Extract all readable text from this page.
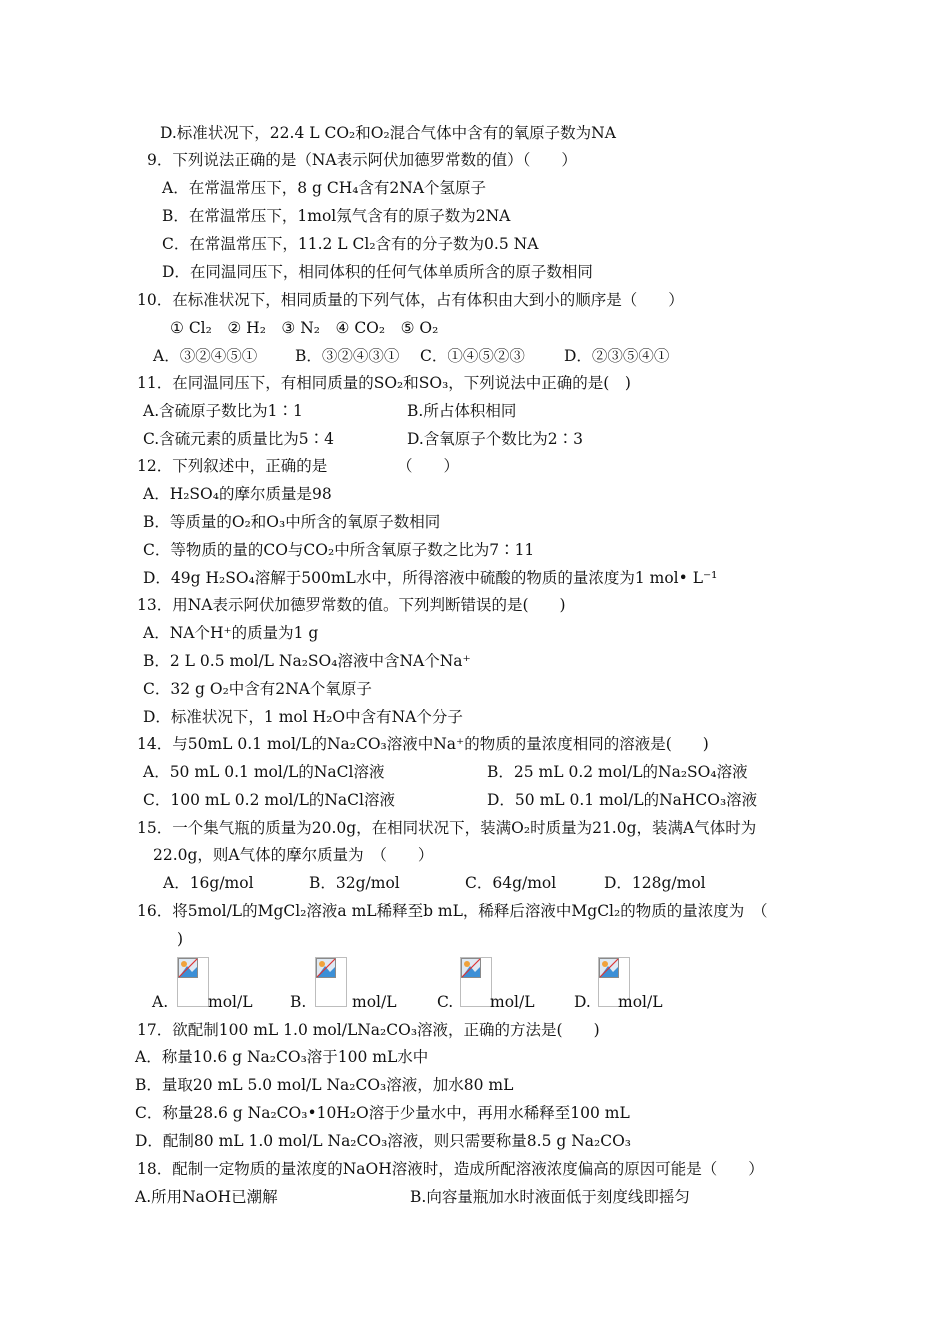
D.标准状况下，22.4 L CO₂和O₂混合气体中含有的氧原子数为NA
9．下列说法正确的是（NA表示阿伏加德罗常数的值）（　　）
A．在常温常压下，8 g CH₄含有2NA个氢原子
B．在常温常压下，1mol氖气含有的原子数为2NA
C．在常温常压下，11.2 L Cl₂含有的分子数为0.5 NA
D．在同温同压下，相同体积的任何气体单质所含的原子数相同
10．在标准状况下，相同质量的下列气体，占有体积由大到小的顺序是（　　）
① Cl₂　② H₂　③ N₂　④ CO₂　⑤ O₂
A．③②④⑤① B．③②④③① C．①④⑤②③	D．②③⑤④①
11．在同温同压下，有相同质量的SO₂和SO₃，下列说法中正确的是(　)
A.含硫原子数比为1∶1	B.所占体积相同
C.含硫元素的质量比为5∶4	D.含氧原子个数比为2∶3
12．下列叙述中，正确的是　　　　　（　　）
A．H₂SO₄的摩尔质量是98
B．等质量的O₂和O₃中所含的氧原子数相同
C．等物质的量的CO与CO₂中所含氧原子数之比为7∶11
D．49g H₂SO₄溶解于500mL水中，所得溶液中硫酸的物质的量浓度为1 mol• L⁻¹
13．用NA表示阿伏加德罗常数的值。下列判断错误的是(　　)
A．NA个H⁺的质量为1 g
B．2 L 0.5 mol/L Na₂SO₄溶液中含NA个Na⁺
C．32 g O₂中含有2NA个氧原子
D．标准状况下，1 mol H₂O中含有NA个分子
14．与50mL 0.1 mol/L的Na₂CO₃溶液中Na⁺的物质的量浓度相同的溶液是(　　)
A．50 mL 0.1 mol/L的NaCl溶液	B．25 mL 0.2 mol/L的Na₂SO₄溶液
C．100 mL 0.2 mol/L的NaCl溶液	D．50 mL 0.1 mol/L的NaHCO₃溶液
15．一个集气瓶的质量为20.0g，在相同状况下，装满O₂时质量为21.0g，装满A气体时为
22.0g，则A气体的摩尔质量为　（　　）
A．16g/mol	B．32g/mol	C．64g/mol	D．128g/mol
16．将5mol/L的MgCl₂溶液a mL稀释至b mL，稀释后溶液中MgCl₂的物质的量浓度为　（
)
A.	mol/L B.	mol/L	C. mol/L	D. mol/L
17．欲配制100 mL 1.0 mol/LNa₂CO₃溶液，正确的方法是(　　)
A．称量10.6 g Na₂CO₃溶于100 mL水中
B．量取20 mL 5.0 mol/L Na₂CO₃溶液，加水80 mL
C．称量28.6 g Na₂CO₃•10H₂O溶于少量水中，再用水稀释至100 mL
D．配制80 mL 1.0 mol/L Na₂CO₃溶液，则只需要称量8.5 g Na₂CO₃
18．配制一定物质的量浓度的NaOH溶液时，造成所配溶液浓度偏高的原因可能是（　　）
A.所用NaOH已潮解	B.向容量瓶加水时液面低于刻度线即摇匀
